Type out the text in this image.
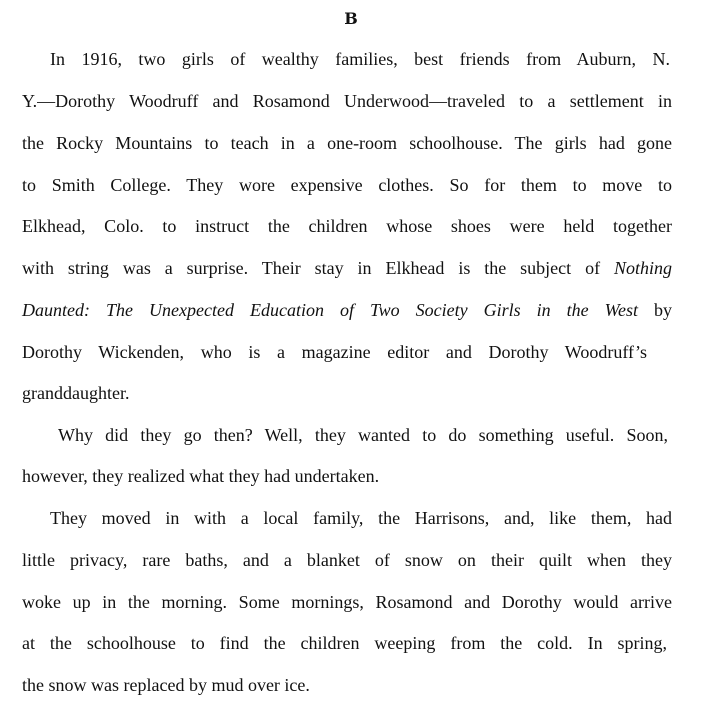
B
In 1916, two girls of wealthy families, best friends from Auburn, N.
Y.—Dorothy Woodruff and Rosamond Underwood—traveled to a settlement in
the Rocky Mountains to teach in a one-room schoolhouse. The girls had gone
to Smith College. They wore expensive clothes. So for them to move to
Elkhead, Colo. to instruct the children whose shoes were held together
with string was a surprise. Their stay in Elkhead is the subject of Nothing
Daunted: The Unexpected Education of Two Society Girls in the West by
Dorothy Wickenden, who is a magazine editor and Dorothy Woodruff’s
granddaughter.
Why did they go then? Well, they wanted to do something useful. Soon,
however, they realized what they had undertaken.
They moved in with a local family, the Harrisons, and, like them, had
little privacy, rare baths, and a blanket of snow on their quilt when they
woke up in the morning. Some mornings, Rosamond and Dorothy would arrive
at the schoolhouse to find the children weeping from the cold. In spring,
the snow was replaced by mud over ice.
